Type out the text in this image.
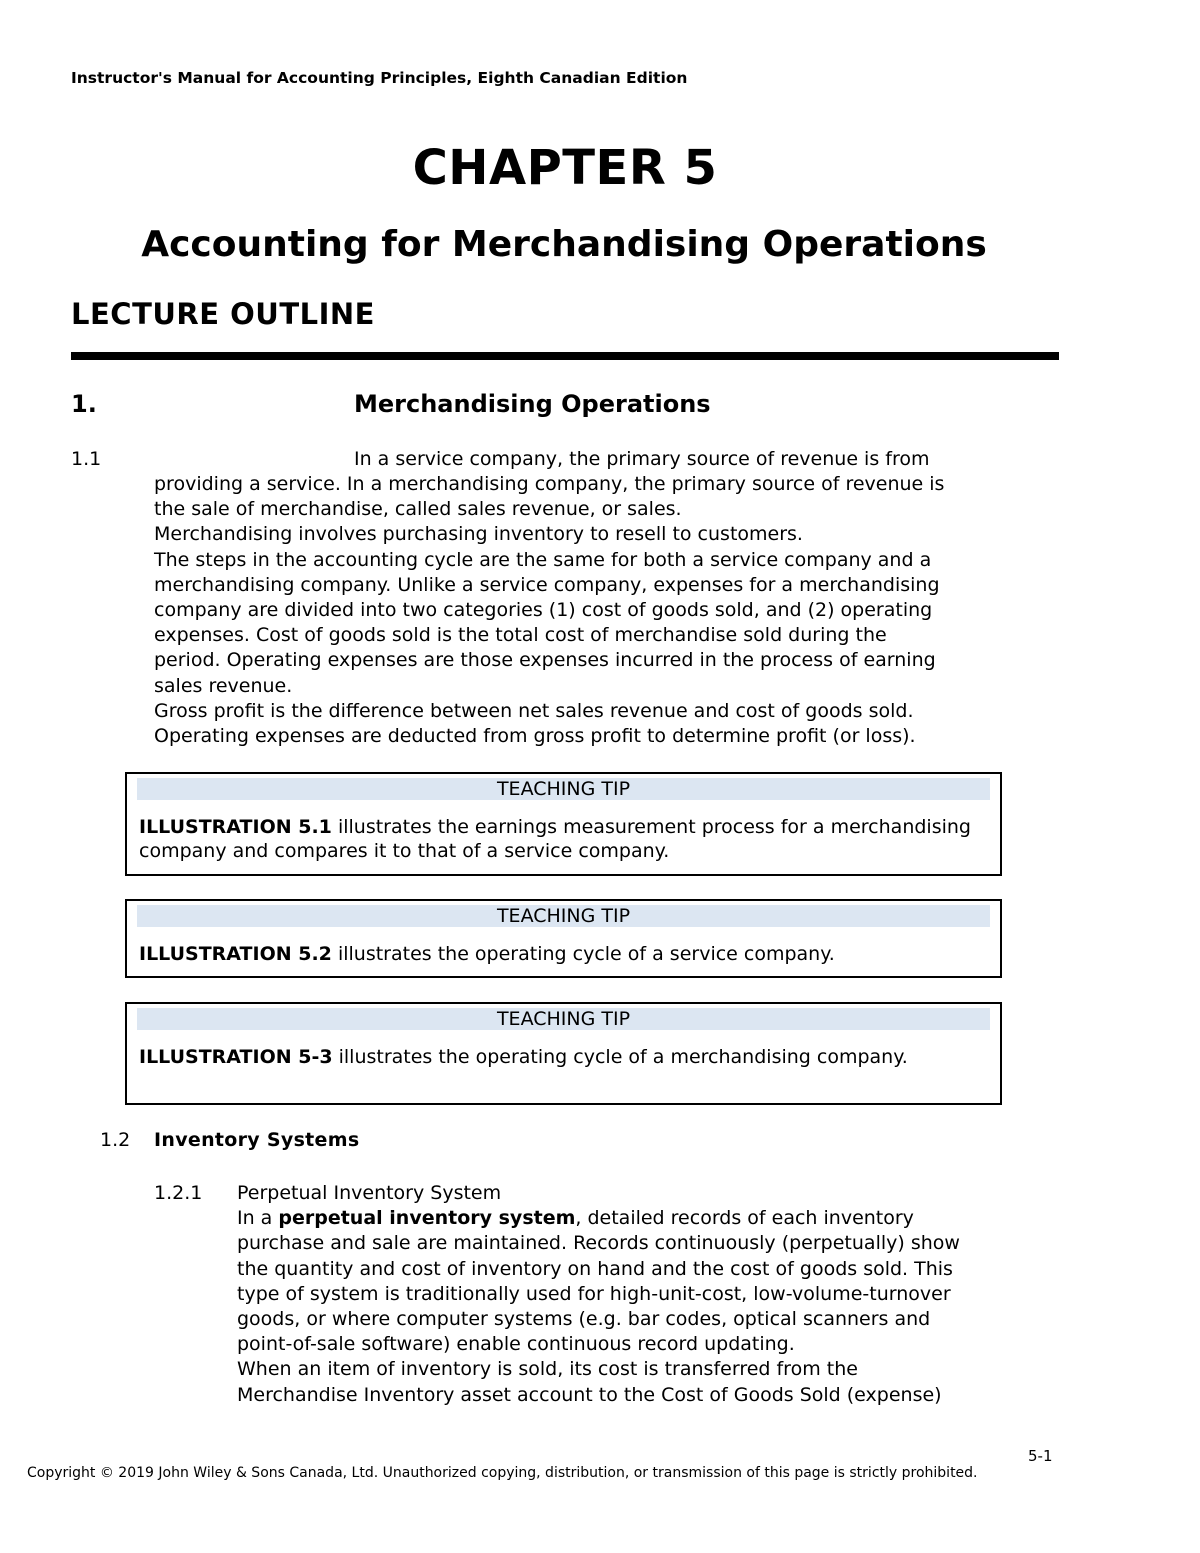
Instructor's Manual for Accounting Principles, Eighth Canadian Edition
CHAPTER 5
Accounting for Merchandising Operations
LECTURE OUTLINE
1.	Merchandising Operations
1.1	In a service company, the primary source of revenue is from
providing a service. In a merchandising company, the primary source of revenue is
the sale of merchandise, called sales revenue, or sales.
Merchandising involves purchasing inventory to resell to customers.
The steps in the accounting cycle are the same for both a service company and a
merchandising company. Unlike a service company, expenses for a merchandising
company are divided into two categories (1) cost of goods sold, and (2) operating
expenses. Cost of goods sold is the total cost of merchandise sold during the
period. Operating expenses are those expenses incurred in the process of earning
sales revenue.
Gross profit is the difference between net sales revenue and cost of goods sold.
Operating expenses are deducted from gross profit to determine profit (or loss).
TEACHING TIP
ILLUSTRATION 5.1 illustrates the earnings measurement process for a merchandising company and compares it to that of a service company.
TEACHING TIP
ILLUSTRATION 5.2 illustrates the operating cycle of a service company.
TEACHING TIP
ILLUSTRATION 5-3 illustrates the operating cycle of a merchandising company.
1.2 Inventory Systems
1.2.1 Perpetual Inventory System
In a perpetual inventory system, detailed records of each inventory
purchase and sale are maintained. Records continuously (perpetually) show
the quantity and cost of inventory on hand and the cost of goods sold. This
type of system is traditionally used for high-unit-cost, low-volume-turnover
goods, or where computer systems (e.g. bar codes, optical scanners and
point-of-sale software) enable continuous record updating.
When an item of inventory is sold, its cost is transferred from the
Merchandise Inventory asset account to the Cost of Goods Sold (expense)
5-1
Copyright © 2019 John Wiley & Sons Canada, Ltd. Unauthorized copying, distribution, or transmission of this page is strictly prohibited.
